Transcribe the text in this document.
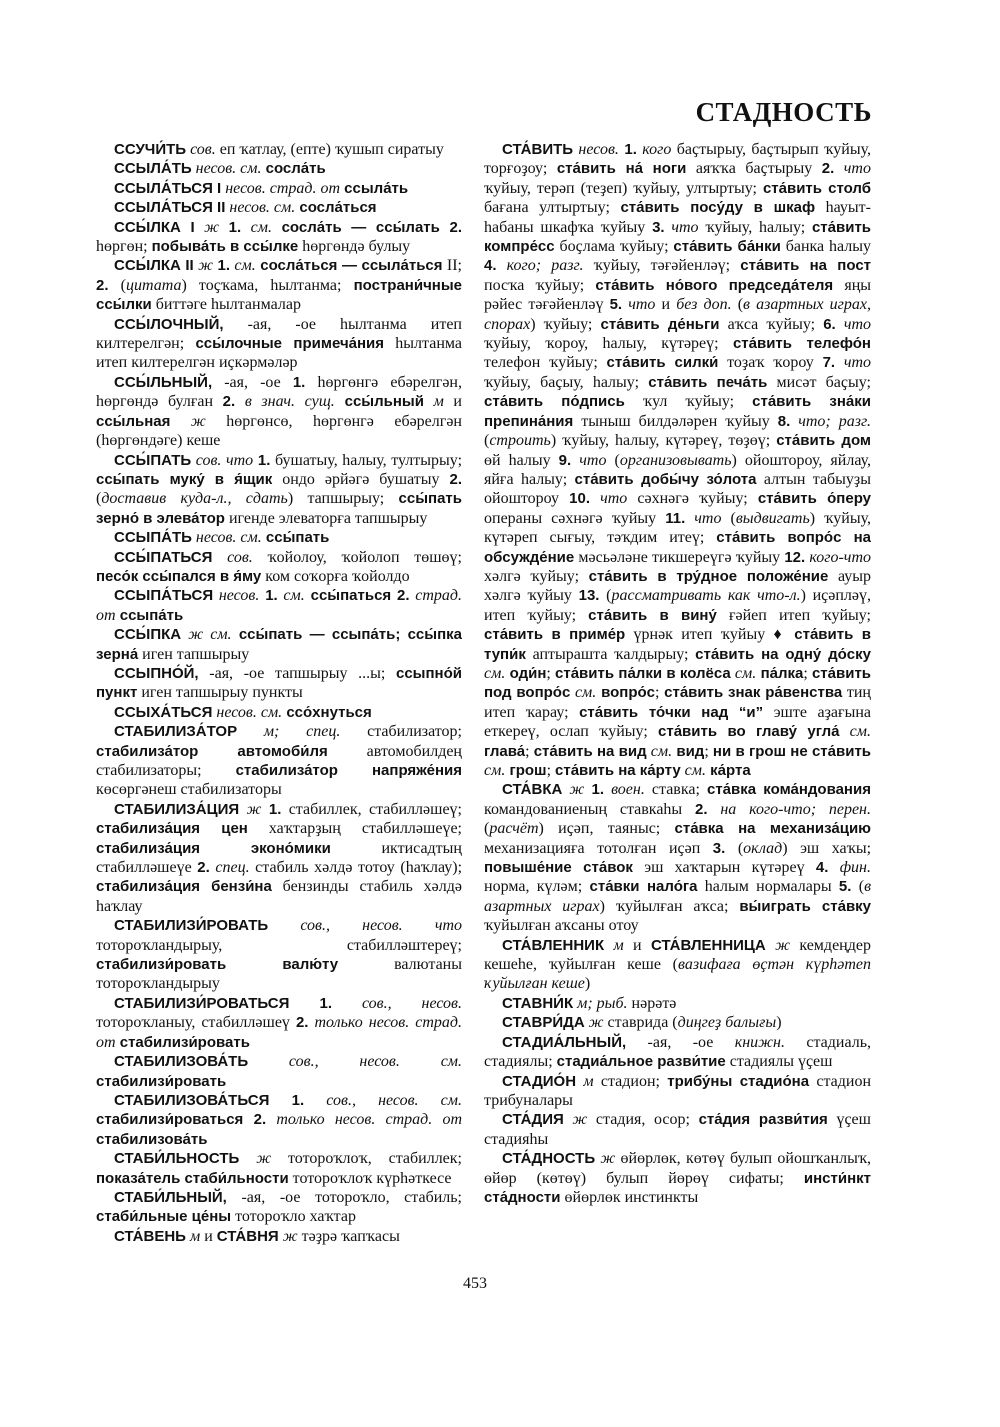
СТАДНОСТЬ

ССУЧИ́ТЬ сов. еп ҡатлау, (епте) ҡушып сиратыу

ССЫЛА́ТЬ несов. см. сосла́ть

ССЫЛА́ТЬСЯ I несов. страд. от ссыла́ть

ССЫЛА́ТЬСЯ II несов. см. сосла́ться

ССЫ́ЛКА I ж 1. см. сосла́ть — ссы́лать 2. һөргөн; побыва́ть в ссы́лке һөргөндә булыу

ССЫ́ЛКА II ж 1. см. сосла́ться — ссыла́ться II; 2. (цитата) тоҫҡама, һылтанма; пострани́чные ссы́лки биттәге һылтанмалар

ССЫ́ЛОЧНЫЙ, -ая, -ое һылтанма итеп килтерелгән; ссы́лочные примеча́ния һылтанма итеп килтерелгән иҫкәрмәләр

ССЫ́ЛЬНЫЙ, -ая, -ое 1. һөргөнгә ебәрелгән, һөргөндә булған 2. в знач. сущ. ссы́льный м и ссы́льная ж һөргөнсө, һөргөнгә ебәрелгән (һөргөндәге) кеше

ССЫ́ПАТЬ сов. что 1. бушатыу, һалыу, тултырыу; ссы́пать муку́ в я́щик ондо әрйәгә бушатыу 2. (доставив куда-л., сдать) тапшырыу; ссы́пать зерно́ в элева́тор игенде элеваторға тапшырыу

ССЫПА́ТЬ несов. см. ссы́пать

ССЫ́ПАТЬСЯ сов. ҡойолоу, ҡойолоп төшөү; песо́к ссы́пался в я́му ком соҡорға ҡойолдо

ССЫПА́ТЬСЯ несов. 1. см. ссы́паться 2. страд. от ссыпа́ть

ССЫ́ПКА ж см. ссы́пать — ссыпа́ть; ссы́пка зерна́ иген тапшырыу

ССЫПНО́Й, -ая, -ое тапшырыу ...ы; ссыпно́й пункт иген тапшырыу пункты

ССЫХА́ТЬСЯ несов. см. ссо́хнуться

СТАБИЛИЗА́ТОР м; спец. стабилизатор; стабилиза́тор автомоби́ля автомобилдең стабилизаторы; стабилиза́тор напряже́ния көсөргәнеш стабилизаторы

СТАБИЛИЗА́ЦИЯ ж 1. стабиллек, стабилләшеү; стабилиза́ция цен хаҡтарҙың стабилләшеүе; стабилиза́ция эконо́мики иктисадтың стабилләшеүе 2. спец. стабиль хәлдә тотоу (һаҡлау); стабилиза́ция бензи́на бензинды стабиль хәлдә һаҡлау

СТАБИЛИЗИ́РОВАТЬ сов., несов. что тотороҡландырыу, стабилләштереү; стабилизи́ровать валю́ту валютаны тотороҡландырыу

СТАБИЛИЗИ́РОВАТЬСЯ 1. сов., несов. тотороҡланыу, стабилләшеү 2. только несов. страд. от стабилизи́ровать

СТАБИЛИЗОВА́ТЬ сов., несов. см. стабилизи́ровать

СТАБИЛИЗОВА́ТЬСЯ 1. сов., несов. см. стабилизи́роваться 2. только несов. страд. от стабилизова́ть

СТАБИ́ЛЬНОСТЬ ж тотороҡлоҡ, стабиллек; показа́тель стаби́льности тотороҡлоҡ күрһәткесе

СТАБИ́ЛЬНЫЙ, -ая, -ое тотороҡло, стабиль; стаби́льные це́ны тотороҡло хаҡтар

СТА́ВЕНЬ м и СТА́ВНЯ ж тәҙрә ҡапҡасы

СТА́ВИТЬ несов. 1. кого баҫтырыу, баҫтырып ҡуйыу, торғоҙоу; ста́вить на́ ноги аяҡҡа баҫтырыу 2. что ҡуйыу, терәп (теҙеп) ҡуйыу, ултыртыу; ста́вить столб бағана ултыртыу; ста́вить посу́ду в шкаф һауыт-һабаны шкафҡа ҡуйыу 3. что ҡуйыу, һалыу; ста́вить компре́сс боҫлама ҡуйыу; ста́вить ба́нки банка һалыу 4. кого; разг. ҡуйыу, тәғәйенләү; ста́вить на пост посҡа ҡуйыу; ста́вить но́вого председа́теля яңы рәйес тәғәйенләү 5. что и без доп. (в азартных играх, спорах) ҡуйыу; ста́вить де́ньги аҡса ҡуйыу; 6. что ҡуйыу, ҡороу, һалыу, күтәреү; ста́вить телефо́н телефон ҡуйыу; ста́вить силки́ тоҙаҡ ҡороу 7. что ҡуйыу, баҫыу, һалыу; ста́вить печа́ть мисәт баҫыу; ста́вить по́дпись ҡул ҡуйыу; ста́вить зна́ки препина́ния тыныш билдәләрен ҡуйыу 8. что; разг. (строить) ҡуйыу, һалыу, күтәреү, төҙөү; ста́вить дом өй һалыу 9. что (организовывать) ойоштороу, яйлау, яйға һалыу; ста́вить добы́чу зо́лота алтын табыуҙы ойоштороу 10. что сәхнәгә ҡуйыу; ста́вить о́перу операны сәхнәгә ҡуйыу 11. что (выдвигать) ҡуйыу, күтәреп сығыу, тәҡдим итеү; ста́вить вопро́с на обсужде́ние мәсьәләне тикшереүгә ҡуйыу 12. кого-что хәлгә ҡуйыу; ста́вить в тру́дное положе́ние ауыр хәлгә ҡуйыу 13. (рассматривать как что-л.) иҫәпләү, итеп ҡуйыу; ста́вить в вину́ ғәйеп итеп ҡуйыу; ста́вить в приме́р үрнәк итеп ҡуйыу ♦ ста́вить в тупи́к аптырашта ҡалдырыу; ста́вить на одну́ до́ску см. оди́н; ста́вить па́лки в колёса см. па́лка; ста́вить под вопро́с см. вопро́с; ста́вить знак ра́венства тиң итеп ҡарау; ста́вить то́чки над “и” эште аҙағына еткереү, ослап ҡуйыу; ста́вить во главу́ угла́ см. глава́; ста́вить на вид см. вид; ни в грош не ста́вить см. грош; ста́вить на ка́рту см. ка́рта

СТА́ВКА ж 1. воен. ставка; ста́вка кома́ндования командованиеның ставкаһы 2. на кого-что; перен. (расчёт) иҫәп, таяныс; ста́вка на механиза́цию механизацияға тотолған иҫәп 3. (оклад) эш хаҡы; повыше́ние ста́вок эш хаҡтарын күтәреү 4. фин. норма, күләм; ста́вки нало́га һалым нормалары 5. (в азартных играх) ҡуйылған аҡса; вы́играть ста́вку ҡуйылған аҡсаны отоу

СТА́ВЛЕННИК м и СТА́ВЛЕННИЦА ж кемдеңдер кешеһе, ҡуйылған кеше (вазифаға өҫтән күрһәтеп ҡуйылған кеше)

СТАВНИ́К м; рыб. нәрәтә

СТАВРИ́ДА ж ставрида (диңгеҙ балығы)

СТАДИА́ЛЬНЫЙ, -ая, -ое книжн. стадиаль, стадиялы; стадиа́льное разви́тие стадиялы үҫеш

СТАДИО́Н м стадион; трибу́ны стадио́на стадион трибуналары

СТА́ДИЯ ж стадия, осор; ста́дия разви́тия үҫеш стадияһы

СТА́ДНОСТЬ ж өйөрлөк, көтөү булып ойошҡанлыҡ, өйөр (көтөү) булып йөрөү сифаты; инсти́нкт ста́дности өйөрлөк инстинкты

453
